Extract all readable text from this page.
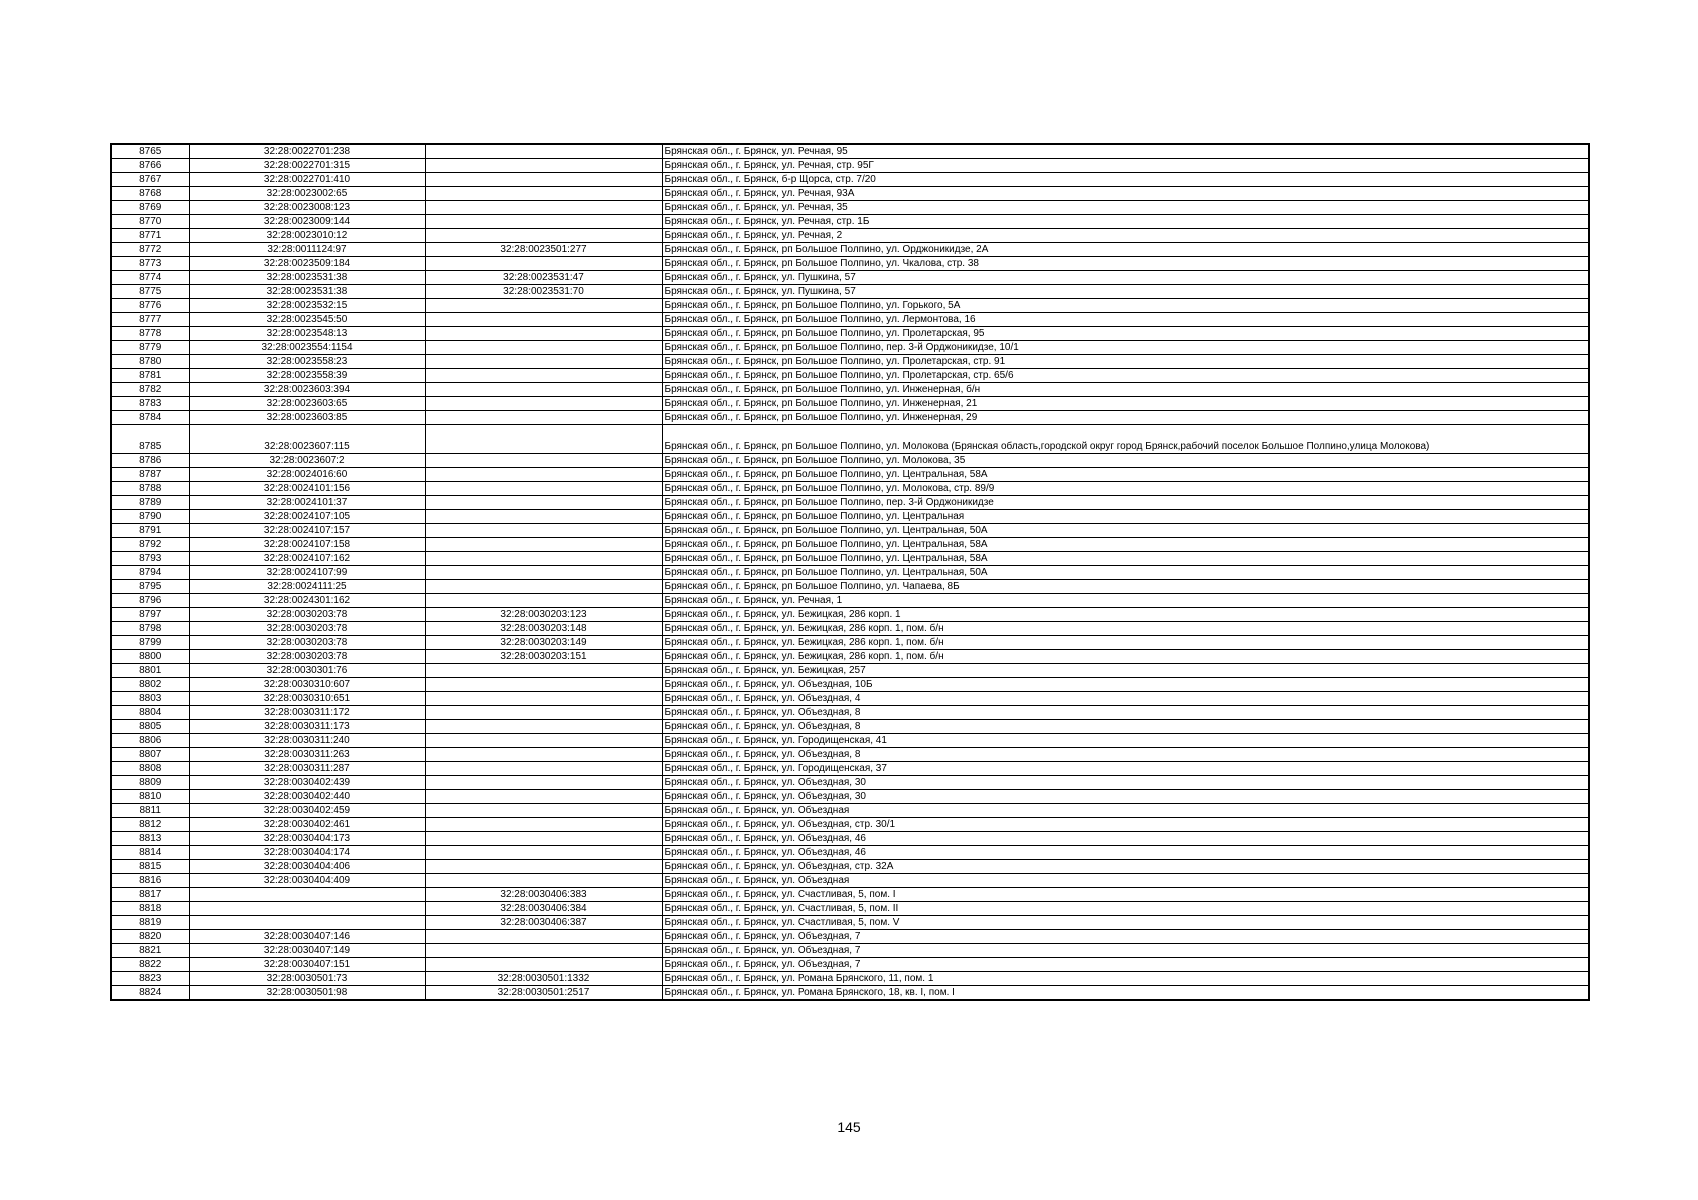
8765	32:28:0022701:238		Брянская обл., г. Брянск, ул. Речная, 95
8766	32:28:0022701:315		Брянская обл., г. Брянск, ул. Речная, стр. 95Г
8767	32:28:0022701:410		Брянская обл., г. Брянск, б-р Щорса, стр. 7/20
8768	32:28:0023002:65		Брянская обл., г. Брянск, ул. Речная, 93А
8769	32:28:0023008:123		Брянская обл., г. Брянск, ул. Речная, 35
8770	32:28:0023009:144		Брянская обл., г. Брянск, ул. Речная, стр. 1Б
8771	32:28:0023010:12		Брянская обл., г. Брянск, ул. Речная, 2
8772	32:28:0011124:97	32:28:0023501:277	Брянская обл., г. Брянск, рп Большое Полпино, ул. Орджоникидзе, 2А
8773	32:28:0023509:184		Брянская обл., г. Брянск, рп Большое Полпино, ул. Чкалова, стр. 38
8774	32:28:0023531:38	32:28:0023531:47	Брянская обл., г. Брянск, ул. Пушкина, 57
8775	32:28:0023531:38	32:28:0023531:70	Брянская обл., г. Брянск, ул. Пушкина, 57
8776	32:28:0023532:15		Брянская обл., г. Брянск, рп Большое Полпино, ул. Горького, 5А
8777	32:28:0023545:50		Брянская обл., г. Брянск, рп Большое Полпино, ул. Лермонтова, 16
8778	32:28:0023548:13		Брянская обл., г. Брянск, рп Большое Полпино, ул. Пролетарская, 95
8779	32:28:0023554:1154		Брянская обл., г. Брянск, рп Большое Полпино, пер. 3-й Орджоникидзе, 10/1
8780	32:28:0023558:23		Брянская обл., г. Брянск, рп Большое Полпино, ул. Пролетарская, стр. 91
8781	32:28:0023558:39		Брянская обл., г. Брянск, рп Большое Полпино, ул. Пролетарская, стр. 65/6
8782	32:28:0023603:394		Брянская обл., г. Брянск, рп Большое Полпино, ул. Инженерная, б/н
8783	32:28:0023603:65		Брянская обл., г. Брянск, рп Большое Полпино, ул. Инженерная, 21
8784	32:28:0023603:85		Брянская обл., г. Брянск, рп Большое Полпино, ул. Инженерная, 29
8785	32:28:0023607:115		Брянская обл., г. Брянск, рп Большое Полпино, ул. Молокова (Брянская область,городской округ город Брянск,рабочий поселок Большое Полпино,улица Молокова)
8786	32:28:0023607:2		Брянская обл., г. Брянск, рп Большое Полпино, ул. Молокова, 35
8787	32:28:0024016:60		Брянская обл., г. Брянск, рп Большое Полпино, ул. Центральная, 58А
8788	32:28:0024101:156		Брянская обл., г. Брянск, рп Большое Полпино, ул. Молокова, стр. 89/9
8789	32:28:0024101:37		Брянская обл., г. Брянск, рп Большое Полпино, пер. 3-й Орджоникидзе
8790	32:28:0024107:105		Брянская обл., г. Брянск, рп Большое Полпино, ул. Центральная
8791	32:28:0024107:157		Брянская обл., г. Брянск, рп Большое Полпино, ул. Центральная, 50А
8792	32:28:0024107:158		Брянская обл., г. Брянск, рп Большое Полпино, ул. Центральная, 58А
8793	32:28:0024107:162		Брянская обл., г. Брянск, рп Большое Полпино, ул. Центральная, 58А
8794	32:28:0024107:99		Брянская обл., г. Брянск, рп Большое Полпино, ул. Центральная, 50А
8795	32:28:0024111:25		Брянская обл., г. Брянск, рп Большое Полпино, ул. Чапаева, 8Б
8796	32:28:0024301:162		Брянская обл., г. Брянск, ул. Речная, 1
8797	32:28:0030203:78	32:28:0030203:123	Брянская обл., г. Брянск, ул. Бежицкая, 286 корп. 1
8798	32:28:0030203:78	32:28:0030203:148	Брянская обл., г. Брянск, ул. Бежицкая, 286 корп. 1, пом. б/н
8799	32:28:0030203:78	32:28:0030203:149	Брянская обл., г. Брянск, ул. Бежицкая, 286 корп. 1, пом. б/н
8800	32:28:0030203:78	32:28:0030203:151	Брянская обл., г. Брянск, ул. Бежицкая, 286 корп. 1, пом. б/н
8801	32:28:0030301:76		Брянская обл., г. Брянск, ул. Бежицкая, 257
8802	32:28:0030310:607		Брянская обл., г. Брянск, ул. Объездная, 10Б
8803	32:28:0030310:651		Брянская обл., г. Брянск, ул. Объездная, 4
8804	32:28:0030311:172		Брянская обл., г. Брянск, ул. Объездная, 8
8805	32:28:0030311:173		Брянская обл., г. Брянск, ул. Объездная, 8
8806	32:28:0030311:240		Брянская обл., г. Брянск, ул. Городищенская, 41
8807	32:28:0030311:263		Брянская обл., г. Брянск, ул. Объездная, 8
8808	32:28:0030311:287		Брянская обл., г. Брянск, ул. Городищенская, 37
8809	32:28:0030402:439		Брянская обл., г. Брянск, ул. Объездная, 30
8810	32:28:0030402:440		Брянская обл., г. Брянск, ул. Объездная, 30
8811	32:28:0030402:459		Брянская обл., г. Брянск, ул. Объездная
8812	32:28:0030402:461		Брянская обл., г. Брянск, ул. Объездная, стр. 30/1
8813	32:28:0030404:173		Брянская обл., г. Брянск, ул. Объездная, 46
8814	32:28:0030404:174		Брянская обл., г. Брянск, ул. Объездная, 46
8815	32:28:0030404:406		Брянская обл., г. Брянск, ул. Объездная, стр. 32А
8816	32:28:0030404:409		Брянская обл., г. Брянск, ул. Объездная
8817		32:28:0030406:383	Брянская обл., г. Брянск, ул. Счастливая, 5, пом. I
8818		32:28:0030406:384	Брянская обл., г. Брянск, ул. Счастливая, 5, пом. II
8819		32:28:0030406:387	Брянская обл., г. Брянск, ул. Счастливая, 5, пом. V
8820	32:28:0030407:146		Брянская обл., г. Брянск, ул. Объездная, 7
8821	32:28:0030407:149		Брянская обл., г. Брянск, ул. Объездная, 7
8822	32:28:0030407:151		Брянская обл., г. Брянск, ул. Объездная, 7
8823	32:28:0030501:73	32:28:0030501:1332	Брянская обл., г. Брянск, ул. Романа Брянского, 11, пом. 1
8824	32:28:0030501:98	32:28:0030501:2517	Брянская обл., г. Брянск, ул. Романа Брянского, 18, кв. I, пом. I
145
